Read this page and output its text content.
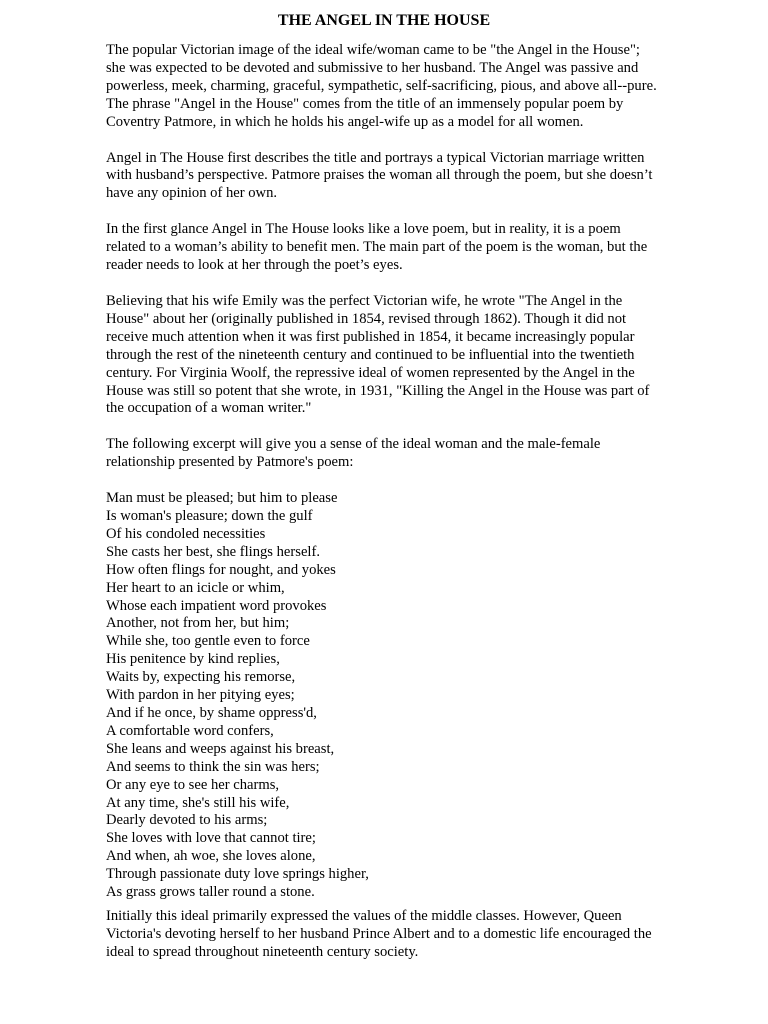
THE ANGEL IN THE HOUSE

The popular Victorian image of the ideal wife/woman came to be "the Angel in the House"; she was expected to be devoted and submissive to her husband. The Angel was passive and powerless, meek, charming, graceful, sympathetic, self-sacrificing, pious, and above all--pure. The phrase "Angel in the House" comes from the title of an immensely popular poem by Coventry Patmore, in which he holds his angel-wife up as a model for all women.

Angel in The House first describes the title and portrays a typical Victorian marriage written with husband’s perspective. Patmore praises the woman all through the poem, but she doesn’t have any opinion of her own.

In the first glance Angel in The House looks like a love poem, but in reality, it is a poem related to a woman’s ability to benefit men. The main part of the poem is the woman, but the reader needs to look at her through the poet’s eyes.

Believing that his wife Emily was the perfect Victorian wife, he wrote "The Angel in the House" about her (originally published in 1854, revised through 1862). Though it did not receive much attention when it was first published in 1854, it became increasingly popular through the rest of the nineteenth century and continued to be influential into the twentieth century. For Virginia Woolf, the repressive ideal of women represented by the Angel in the House was still so potent that she wrote, in 1931, "Killing the Angel in the House was part of the occupation of a woman writer."

The following excerpt will give you a sense of the ideal woman and the male-female relationship presented by Patmore's poem:

Man must be pleased; but him to please
Is woman's pleasure; down the gulf
Of his condoled necessities
She casts her best, she flings herself.
How often flings for nought, and yokes
Her heart to an icicle or whim,
Whose each impatient word provokes
Another, not from her, but him;
While she, too gentle even to force
His penitence by kind replies,
Waits by, expecting his remorse,
With pardon in her pitying eyes;
And if he once, by shame oppress'd,
A comfortable word confers,
She leans and weeps against his breast,
And seems to think the sin was hers;
Or any eye to see her charms,
At any time, she's still his wife,
Dearly devoted to his arms;
She loves with love that cannot tire;
And when, ah woe, she loves alone,
Through passionate duty love springs higher,
As grass grows taller round a stone.

Initially this ideal primarily expressed the values of the middle classes. However, Queen Victoria's devoting herself to her husband Prince Albert and to a domestic life encouraged the ideal to spread throughout nineteenth century society.
